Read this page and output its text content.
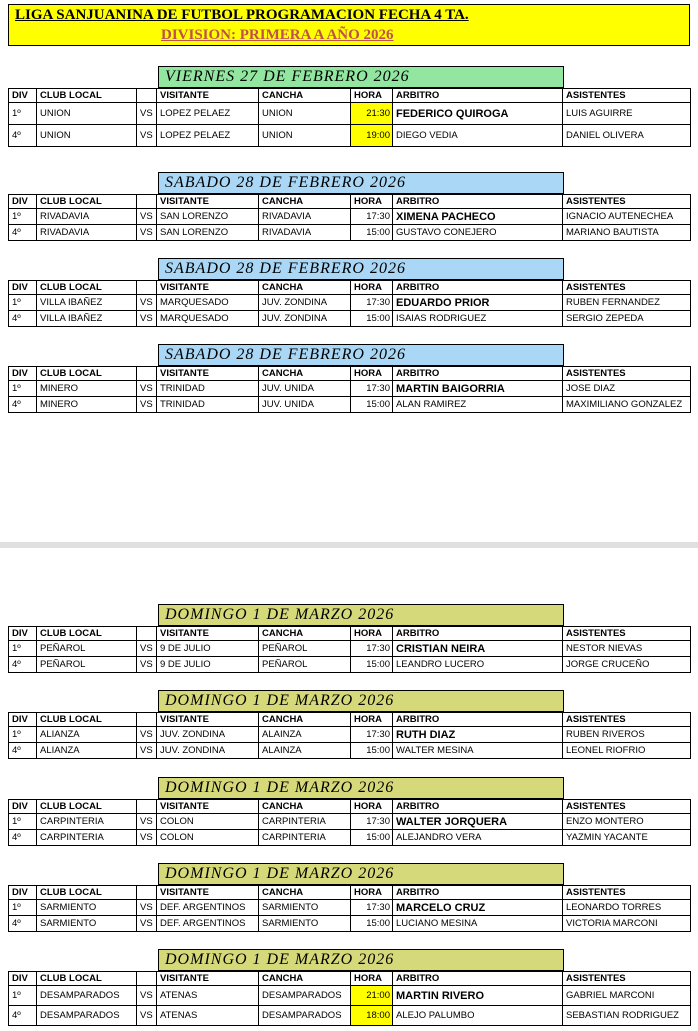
LIGA SANJUANINA DE FUTBOL PROGRAMACION FECHA 4 TA.
DIVISION: PRIMERA A AÑO 2026
VIERNES 27 DE FEBRERO 2026
DIV	CLUB LOCAL		VISITANTE	CANCHA	HORA	ARBITRO	ASISTENTES
1º	UNION	VS	LOPEZ PELAEZ	UNION	21:30	FEDERICO QUIROGA	LUIS AGUIRRE
4º	UNION	VS	LOPEZ PELAEZ	UNION	19:00	DIEGO VEDIA	DANIEL OLIVERA
SABADO 28 DE FEBRERO 2026
DIV	CLUB LOCAL		VISITANTE	CANCHA	HORA	ARBITRO	ASISTENTES
1º	RIVADAVIA	VS	SAN LORENZO	RIVADAVIA	17:30	XIMENA PACHECO	IGNACIO AUTENECHEA
4º	RIVADAVIA	VS	SAN LORENZO	RIVADAVIA	15:00	GUSTAVO CONEJERO	MARIANO BAUTISTA
SABADO 28 DE FEBRERO 2026
DIV	CLUB LOCAL		VISITANTE	CANCHA	HORA	ARBITRO	ASISTENTES
1º	VILLA IBAÑEZ	VS	MARQUESADO	JUV. ZONDINA	17:30	EDUARDO PRIOR	RUBEN FERNANDEZ
4º	VILLA IBAÑEZ	VS	MARQUESADO	JUV. ZONDINA	15:00	ISAIAS RODRIGUEZ	SERGIO ZEPEDA
SABADO 28 DE FEBRERO 2026
DIV	CLUB LOCAL		VISITANTE	CANCHA	HORA	ARBITRO	ASISTENTES
1º	MINERO	VS	TRINIDAD	JUV. UNIDA	17:30	MARTIN BAIGORRIA	JOSE DIAZ
4º	MINERO	VS	TRINIDAD	JUV. UNIDA	15:00	ALAN RAMIREZ	MAXIMILIANO GONZALEZ
DOMINGO 1 DE MARZO 2026
DIV	CLUB LOCAL		VISITANTE	CANCHA	HORA	ARBITRO	ASISTENTES
1º	PEÑAROL	VS	9 DE JULIO	PEÑAROL	17:30	CRISTIAN NEIRA	NESTOR NIEVAS
4º	PEÑAROL	VS	9 DE JULIO	PEÑAROL	15:00	LEANDRO LUCERO	JORGE CRUCEÑO
DOMINGO 1 DE MARZO 2026
DIV	CLUB LOCAL		VISITANTE	CANCHA	HORA	ARBITRO	ASISTENTES
1º	ALIANZA	VS	JUV. ZONDINA	ALAINZA	17:30	RUTH DIAZ	RUBEN RIVEROS
4º	ALIANZA	VS	JUV. ZONDINA	ALAINZA	15:00	WALTER MESINA	LEONEL RIOFRIO
DOMINGO 1 DE MARZO 2026
DIV	CLUB LOCAL		VISITANTE	CANCHA	HORA	ARBITRO	ASISTENTES
1º	CARPINTERIA	VS	COLON	CARPINTERIA	17:30	WALTER JORQUERA	ENZO MONTERO
4º	CARPINTERIA	VS	COLON	CARPINTERIA	15:00	ALEJANDRO VERA	YAZMIN YACANTE
DOMINGO 1 DE MARZO 2026
DIV	CLUB LOCAL		VISITANTE	CANCHA	HORA	ARBITRO	ASISTENTES
1º	SARMIENTO	VS	DEF. ARGENTINOS	SARMIENTO	17:30	MARCELO CRUZ	LEONARDO TORRES
4º	SARMIENTO	VS	DEF. ARGENTINOS	SARMIENTO	15:00	LUCIANO MESINA	VICTORIA MARCONI
DOMINGO 1 DE MARZO 2026
DIV	CLUB LOCAL		VISITANTE	CANCHA	HORA	ARBITRO	ASISTENTES
1º	DESAMPARADOS	VS	ATENAS	DESAMPARADOS	21:00	MARTIN RIVERO	GABRIEL MARCONI
4º	DESAMPARADOS	VS	ATENAS	DESAMPARADOS	18:00	ALEJO PALUMBO	SEBASTIAN RODRIGUEZ
